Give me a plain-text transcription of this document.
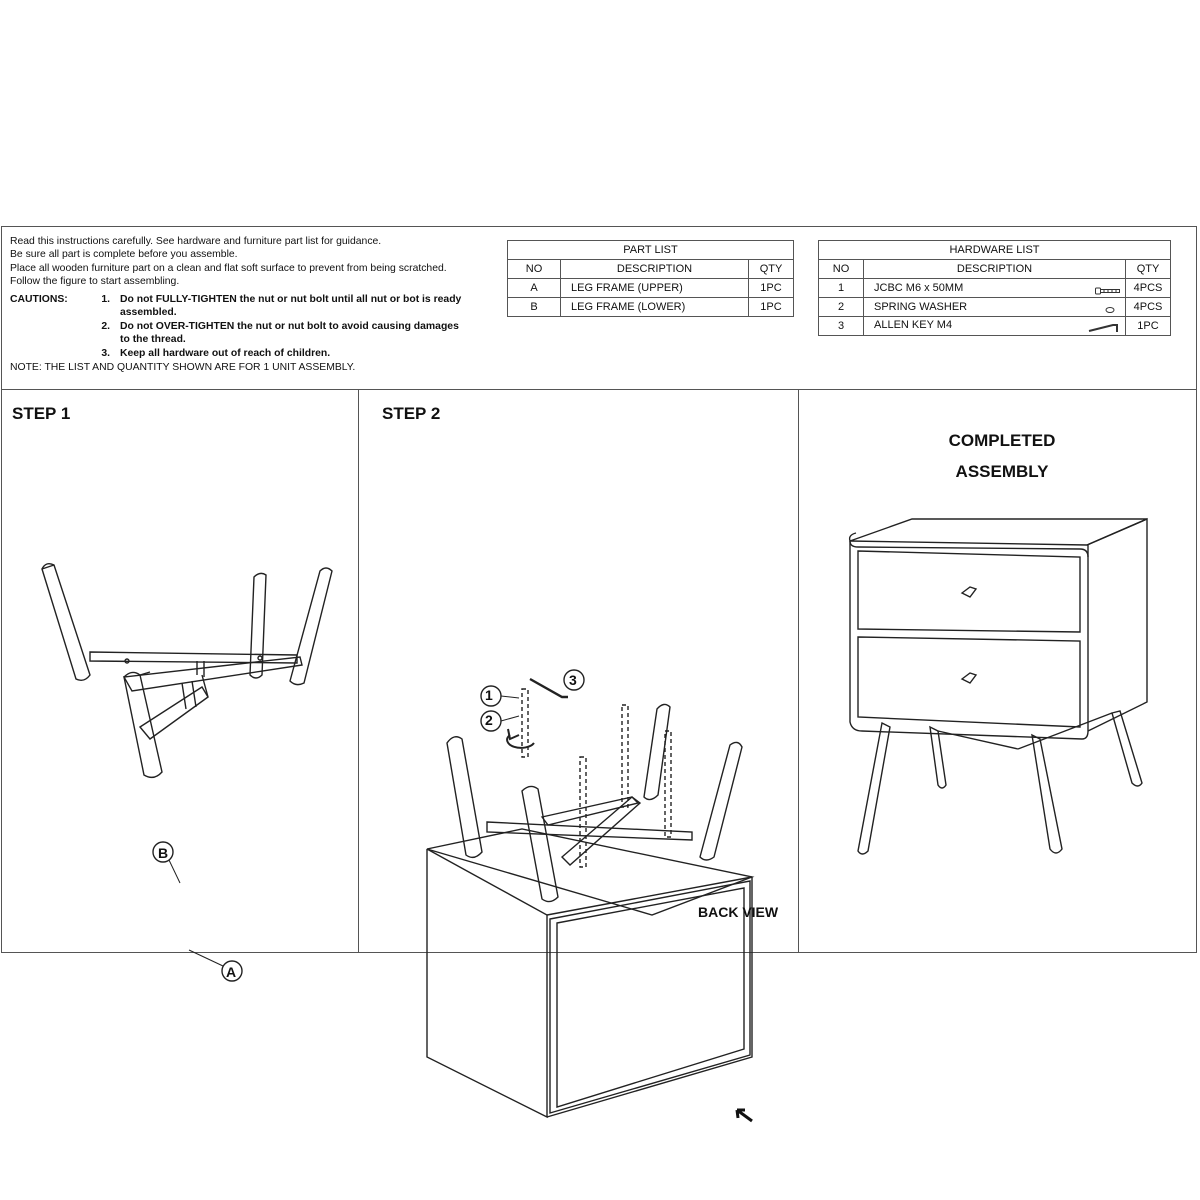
Read this instructions carefully. See hardware and furniture part list for guidance.

Be sure all part is complete before you assemble.

Place all wooden furniture part on a clean and flat soft surface to prevent from being scratched.

Follow the figure to start assembling.

CAUTIONS:	1. Do not FULLY-TIGHTEN the nut or nut bolt until all nut or bot is ready assembled.
2. Do not OVER-TIGHTEN the nut or nut bolt to avoid causing damages to the thread.
3. Keep all hardware out of reach of children.

NOTE: THE LIST AND QUANTITY SHOWN ARE FOR 1 UNIT ASSEMBLY.

PART LIST		
NO	DESCRIPTION	QTY
A	LEG FRAME (UPPER)	1PC
B	LEG FRAME (LOWER)	1PC
HARDWARE LIST		
NO	DESCRIPTION	QTY
1	JCBC M6 x 50MM	4PCS
2	SPRING WASHER	4PCS
3	ALLEN KEY M4	1PC
STEP 1
B
A
STEP 2
1
2
3
BACK VIEW
COMPLETED
ASSEMBLY
